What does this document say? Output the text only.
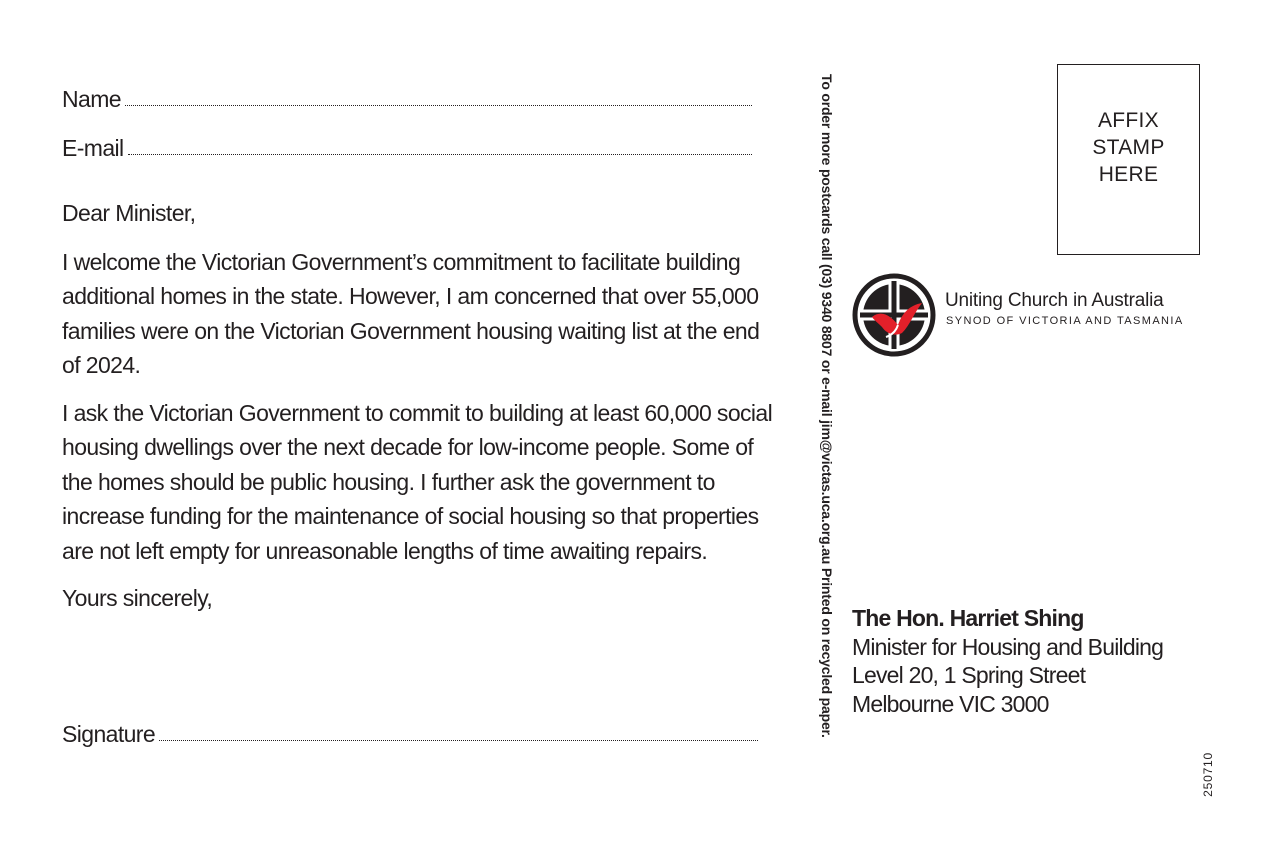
Name
E-mail

Dear Minister,

I welcome the Victorian Government’s commitment to facilitate building additional homes in the state. However, I am concerned that over 55,000 families were on the Victorian Government housing waiting list at the end of 2024.

I ask the Victorian Government to commit to building at least 60,000 social housing dwellings over the next decade for low-income people. Some of the homes should be public housing. I further ask the government to increase funding for the maintenance of social housing so that properties are not left empty for unreasonable lengths of time awaiting repairs.

Yours sincerely,

Signature	To order more postcards call (03) 9340 8807 or e-mail jim@victas.uca.org.au Printed on recycled paper.	AFFIX
STAMP
HERE
Uniting Church in Australia
SYNOD OF VICTORIA AND TASMANIA
The Hon. Harriet Shing
Minister for Housing and Building
Level 20, 1 Spring Street
Melbourne VIC 3000
250710
